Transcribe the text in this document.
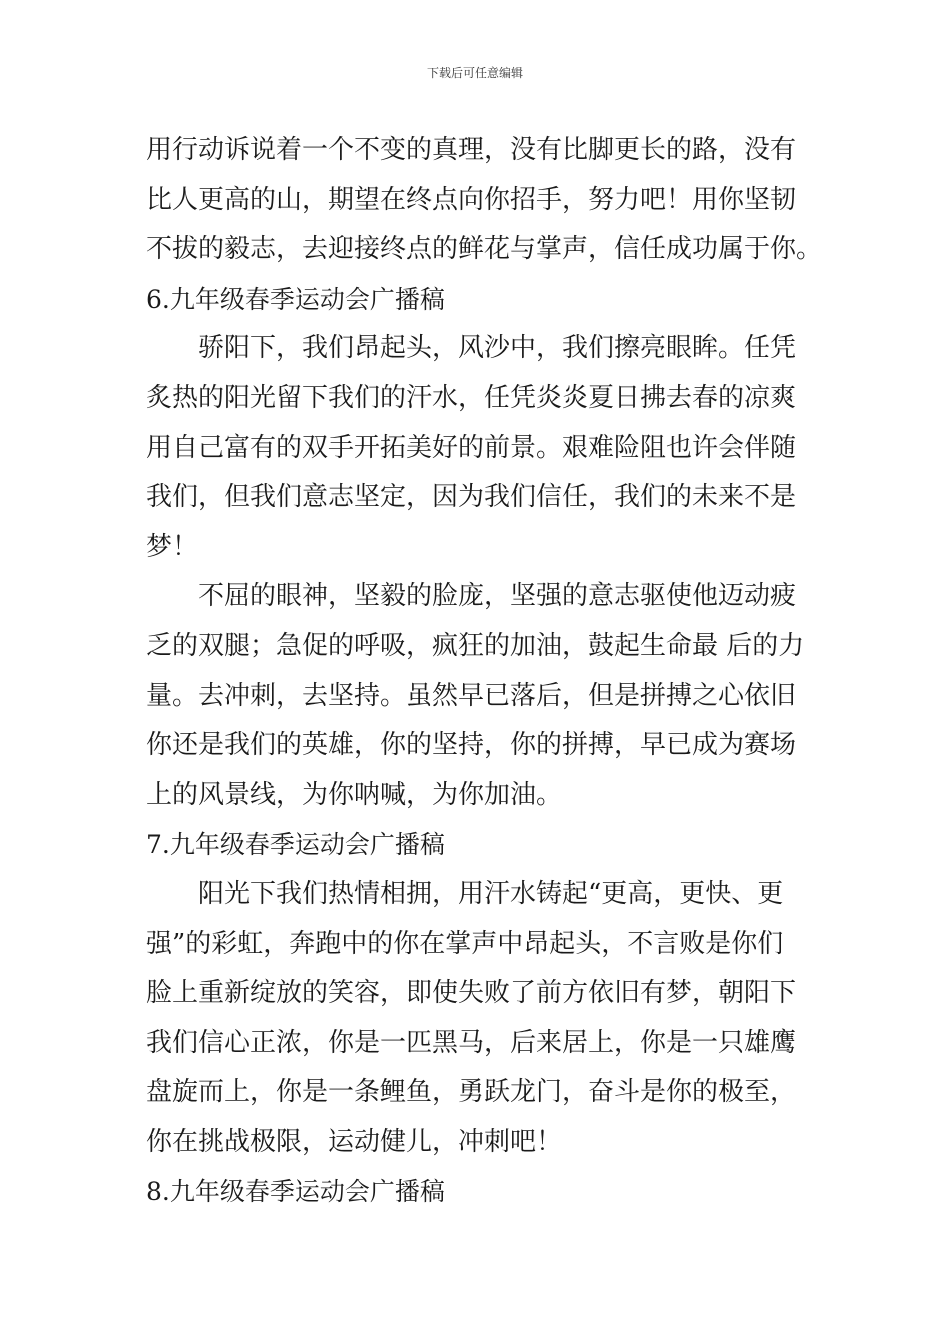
下载后可任意编辑
用行动诉说着一个不变的真理，没有比脚更长的路，没有
比人更高的山，期望在终点向你招手，努力吧！用你坚韧
不拔的毅志，去迎接终点的鲜花与掌声，信任成功属于你。
6.九年级春季运动会广播稿
骄阳下，我们昂起头，风沙中，我们擦亮眼眸。任凭
炙热的阳光留下我们的汗水，任凭炎炎夏日拂去春的凉爽
用自己富有的双手开拓美好的前景。艰难险阻也许会伴随
我们，但我们意志坚定，因为我们信任，我们的未来不是
梦！
不屈的眼神，坚毅的脸庞，坚强的意志驱使他迈动疲
乏的双腿；急促的呼吸，疯狂的加油，鼓起生命最 后的力
量。去冲刺，去坚持。虽然早已落后，但是拼搏之心依旧
你还是我们的英雄，你的坚持，你的拼搏，早已成为赛场
上的风景线，为你呐喊，为你加油。
7.九年级春季运动会广播稿
阳光下我们热情相拥，用汗水铸起“更高，更快、更
强”的彩虹，奔跑中的你在掌声中昂起头，不言败是你们
脸上重新绽放的笑容，即使失败了前方依旧有梦，朝阳下
我们信心正浓，你是一匹黑马，后来居上，你是一只雄鹰
盘旋而上，你是一条鲤鱼，勇跃龙门，奋斗是你的极至，
你在挑战极限，运动健儿，冲刺吧！
8.九年级春季运动会广播稿
